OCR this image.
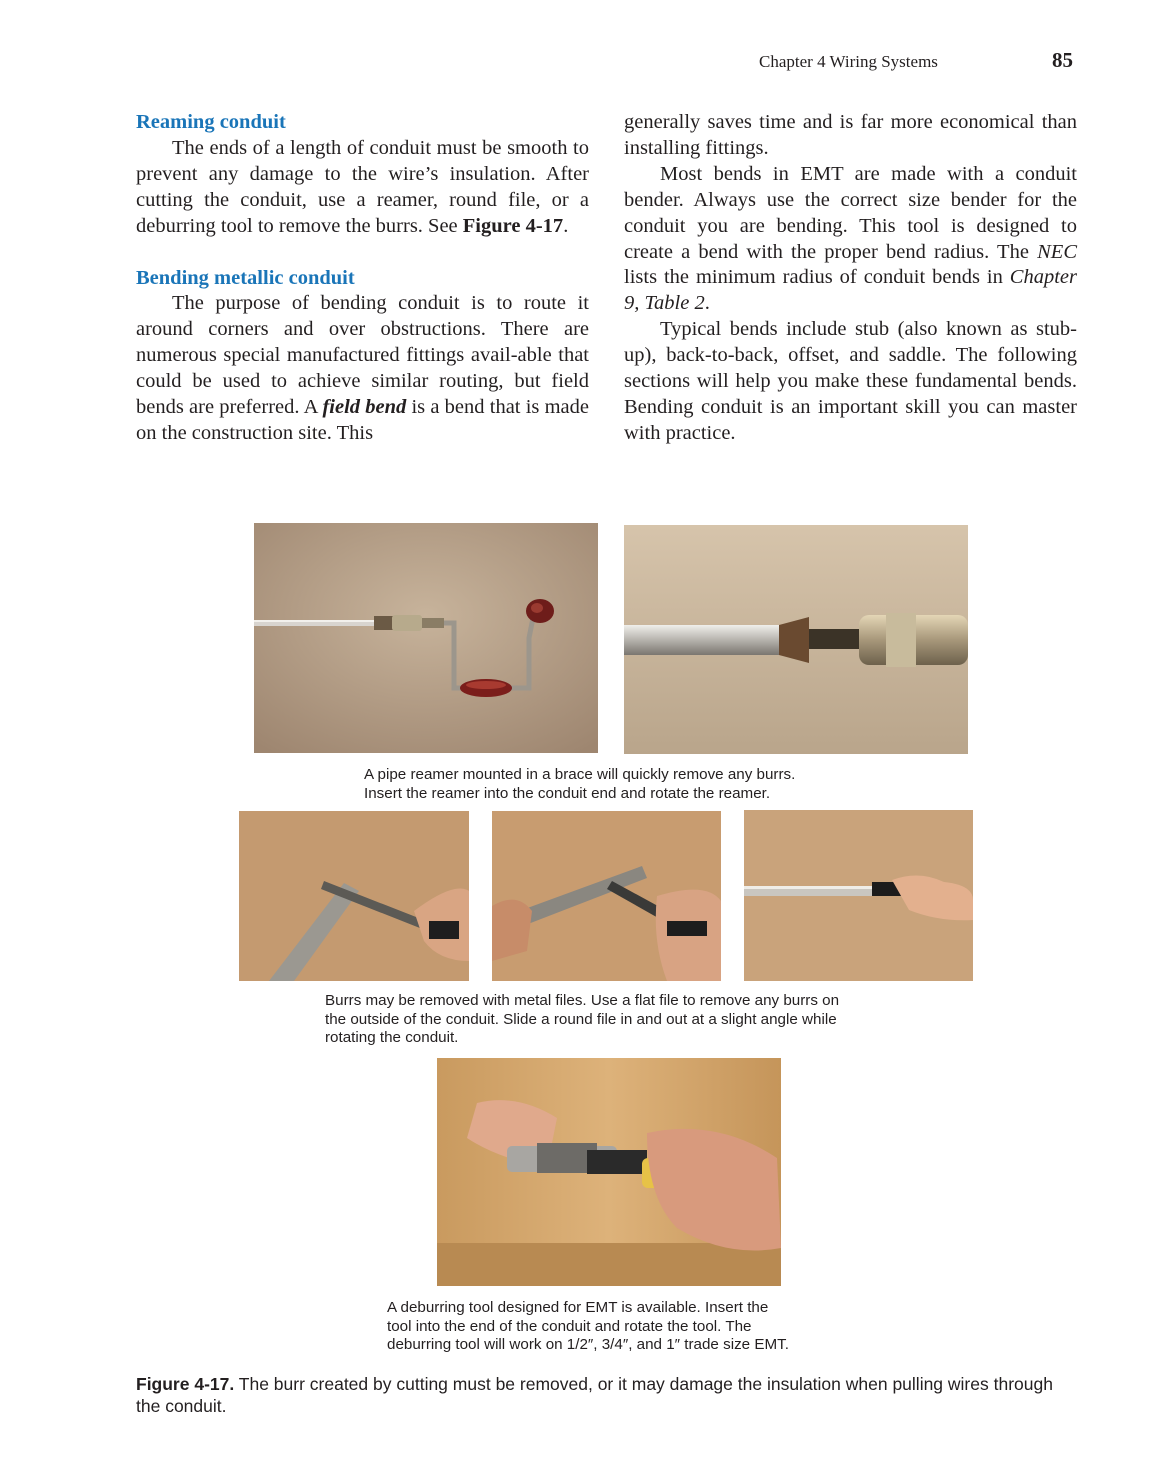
Chapter 4 Wiring Systems	85
Reaming conduit

The ends of a length of conduit must be smooth to prevent any damage to the wire’s insulation. After cutting the conduit, use a reamer, round file, or a deburring tool to remove the burrs. See Figure 4-17.

Bending metallic conduit

The purpose of bending conduit is to route it around corners and over obstructions. There are numerous special manufactured fittings avail-able that could be used to achieve similar routing, but field bends are preferred. A field bend is a bend that is made on the construction site. This

generally saves time and is far more economical than installing fittings.

Most bends in EMT are made with a conduit bender. Always use the correct size bender for the conduit you are bending. This tool is designed to create a bend with the proper bend radius. The NEC lists the minimum radius of conduit bends in Chapter 9, Table 2.

Typical bends include stub (also known as stub-up), back-to-back, offset, and saddle. The following sections will help you make these fundamental bends. Bending conduit is an important skill you can master with practice.

A pipe reamer mounted in a brace will quickly remove any burrs.
Insert the reamer into the conduit end and rotate the reamer.
Burrs may be removed with metal files. Use a flat file to remove any burrs on
the outside of the conduit. Slide a round file in and out at a slight angle while
rotating the conduit.
A deburring tool designed for EMT is available. Insert the
tool into the end of the conduit and rotate the tool. The
deburring tool will work on 1/2″, 3/4″, and 1″ trade size EMT.
Figure 4-17. The burr created by cutting must be removed, or it may damage the insulation when pulling wires through the conduit.
